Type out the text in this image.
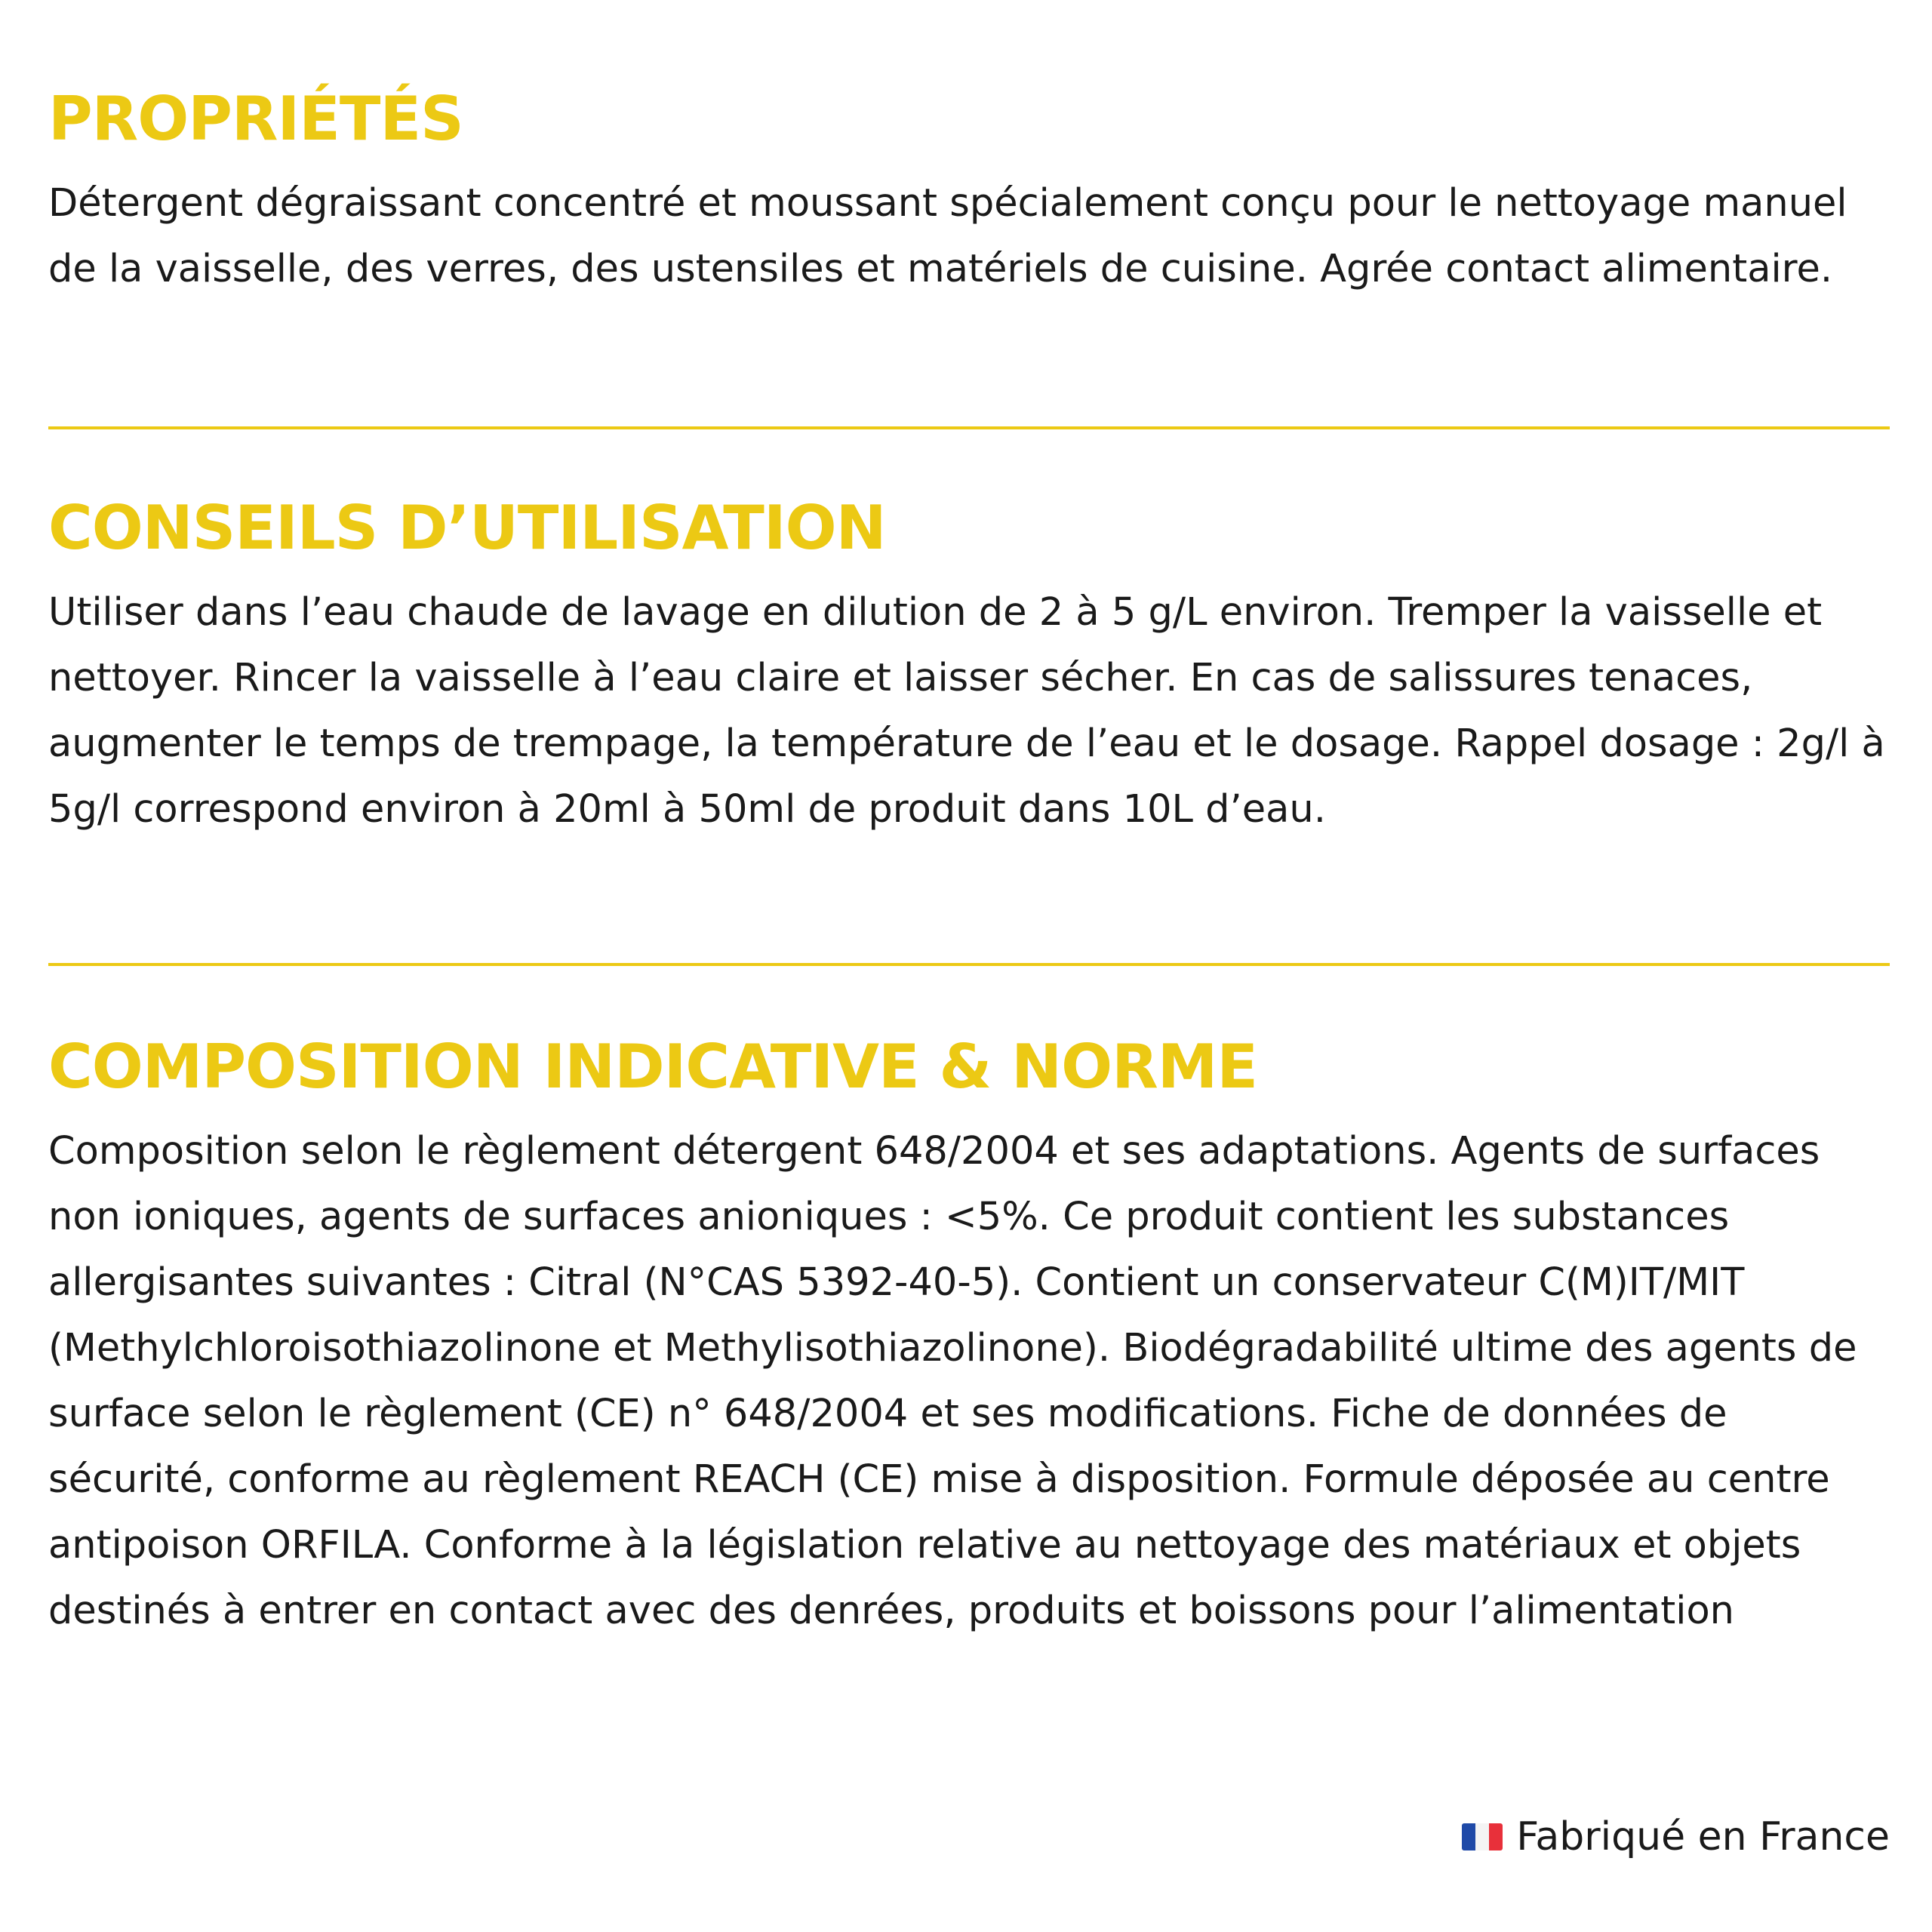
PROPRIÉTÉS

Détergent dégraissant concentré et moussant spécialement conçu pour le nettoyage manuel de la vaisselle, des verres, des ustensiles et matériels de cuisine. Agrée contact alimentaire.

CONSEILS D’UTILISATION

Utiliser dans l’eau chaude de lavage en dilution de 2 à 5 g/L environ. Tremper la vaisselle et nettoyer. Rincer la vaisselle à l’eau claire et laisser sécher. En cas de salissures tenaces, augmenter le temps de trempage, la température de l’eau et le dosage. Rappel dosage : 2g/l à 5g/l correspond environ à 20ml à 50ml de produit dans 10L d’eau.

COMPOSITION INDICATIVE & NORME

Composition selon le règlement détergent 648/2004 et ses adaptations. Agents de surfaces non ioniques, agents de surfaces anioniques : <5%. Ce produit contient les substances allergisantes suivantes : Citral (N°CAS 5392-40-5). Contient un conservateur C(M)IT/MIT (Methylchloroisothiazolinone et Methylisothiazolinone). Biodégradabilité ultime des agents de surface selon le règlement (CE) n° 648/2004 et ses modifications. Fiche de données de sécurité, conforme au règlement REACH (CE) mise à disposition. Formule déposée au centre antipoison ORFILA. Conforme à la législation relative au nettoyage des matériaux et objets destinés à entrer en contact avec des denrées, produits et boissons pour l’alimentation

Fabriqué en France
